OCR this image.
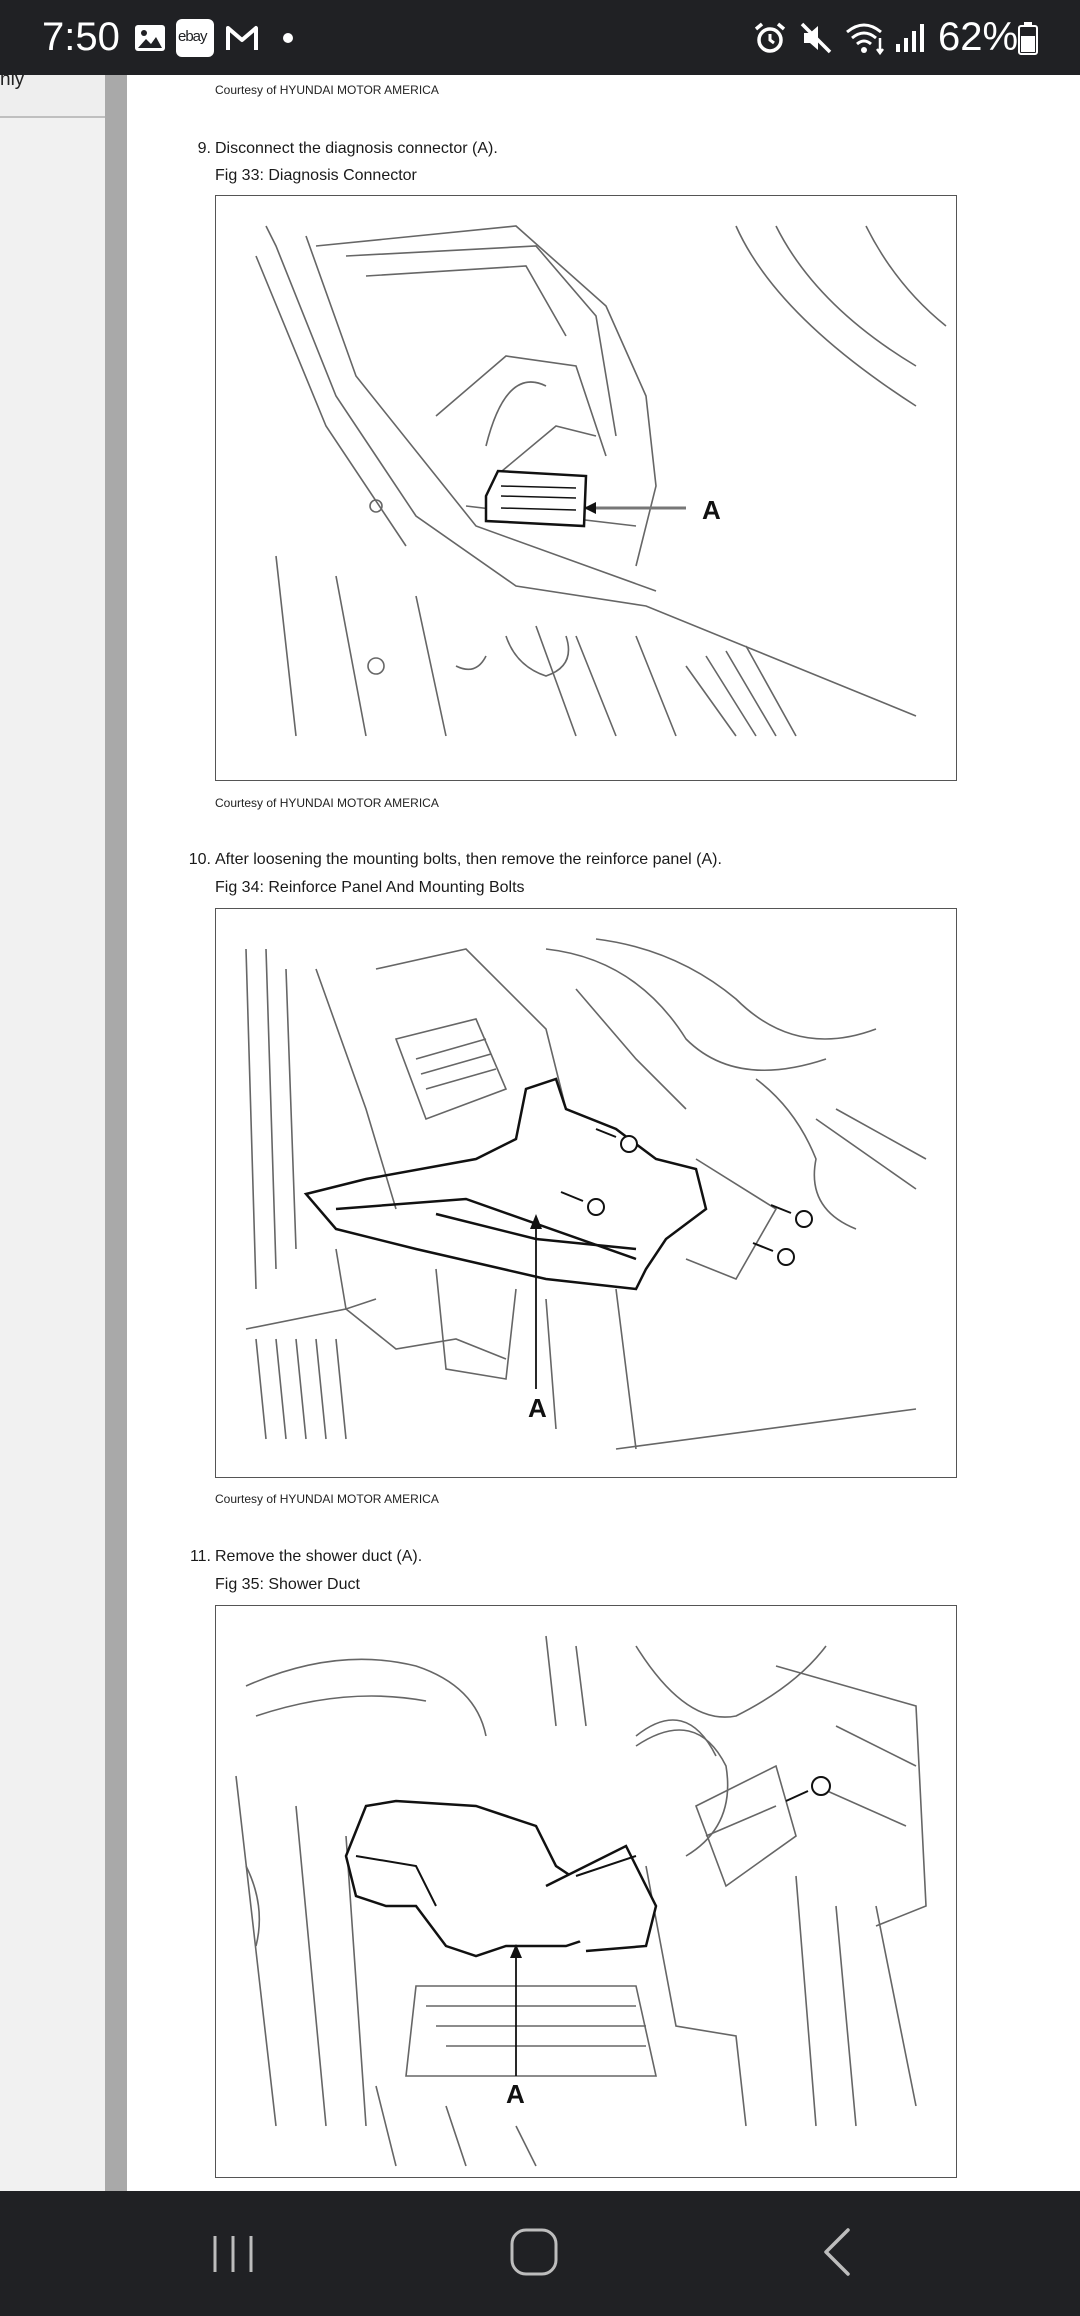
7:50	ebay	62%
nly	Courtesy of HYUNDAI MOTOR AMERICA
9. Disconnect the diagnosis connector (A).
Fig 33: Diagnosis Connector
A
Courtesy of HYUNDAI MOTOR AMERICA
10. After loosening the mounting bolts, then remove the reinforce panel (A).
Fig 34: Reinforce Panel And Mounting Bolts
A
Courtesy of HYUNDAI MOTOR AMERICA
11. Remove the shower duct (A).
Fig 35: Shower Duct
A
